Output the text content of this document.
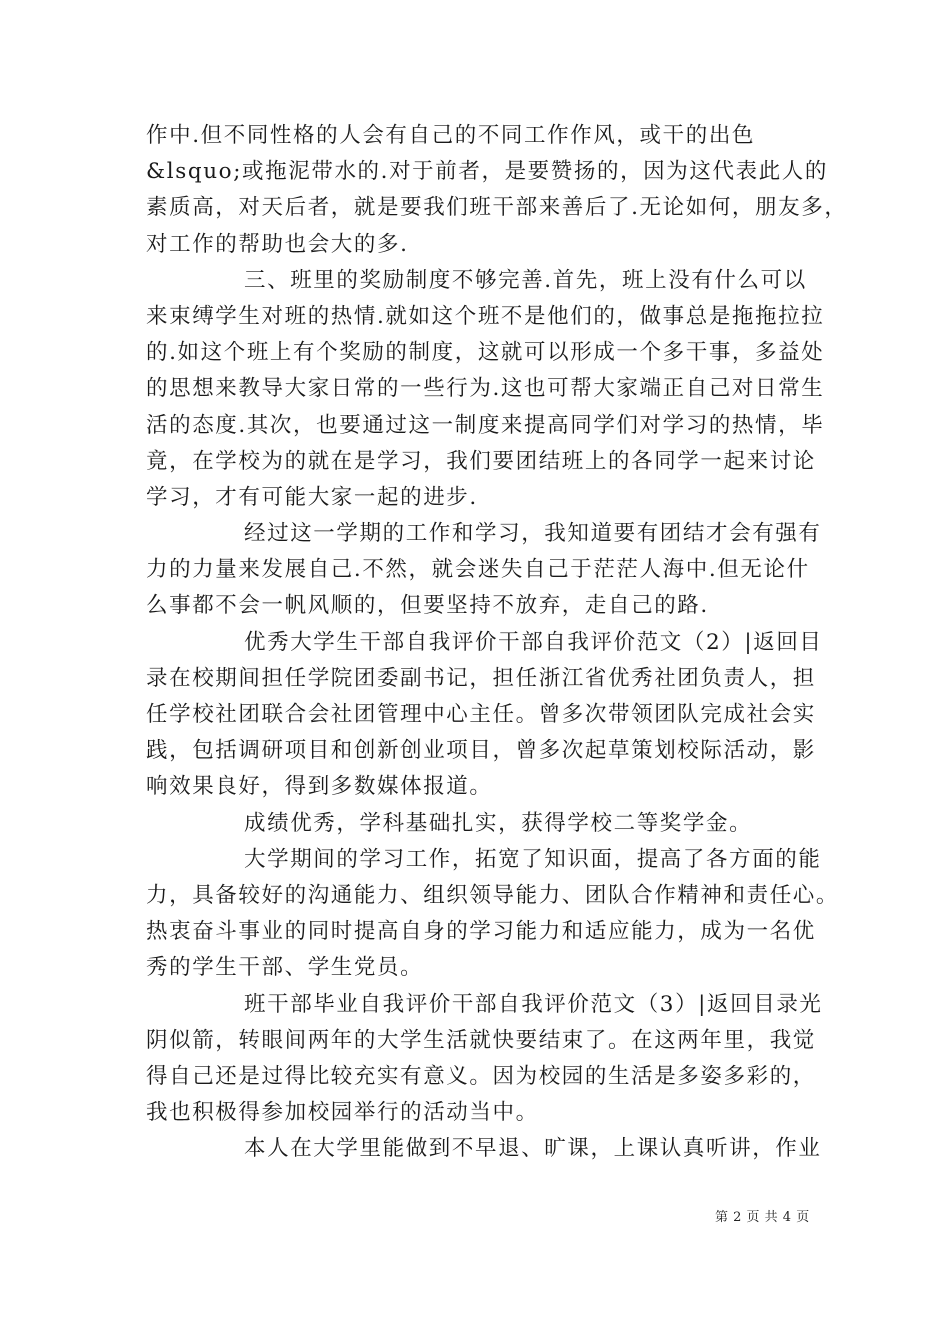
作中.但不同性格的人会有自己的不同工作作风，或干的出色
&lsquo;或拖泥带水的.对于前者，是要赞扬的，因为这代表此人的
素质高，对天后者，就是要我们班干部来善后了.无论如何，朋友多，
对工作的帮助也会大的多.
三、班里的奖励制度不够完善.首先，班上没有什么可以
来束缚学生对班的热情.就如这个班不是他们的，做事总是拖拖拉拉
的.如这个班上有个奖励的制度，这就可以形成一个多干事，多益处
的思想来教导大家日常的一些行为.这也可帮大家端正自己对日常生
活的态度.其次，也要通过这一制度来提高同学们对学习的热情，毕
竟，在学校为的就在是学习，我们要团结班上的各同学一起来讨论
学习，才有可能大家一起的进步.
经过这一学期的工作和学习，我知道要有团结才会有强有
力的力量来发展自己.不然，就会迷失自己于茫茫人海中.但无论什
么事都不会一帆风顺的，但要坚持不放弃，走自己的路.
优秀大学生干部自我评价干部自我评价范文（2）|返回目
录在校期间担任学院团委副书记，担任浙江省优秀社团负责人，担
任学校社团联合会社团管理中心主任。曾多次带领团队完成社会实
践，包括调研项目和创新创业项目，曾多次起草策划校际活动，影
响效果良好，得到多数媒体报道。
成绩优秀，学科基础扎实，获得学校二等奖学金。
大学期间的学习工作，拓宽了知识面，提高了各方面的能
力，具备较好的沟通能力、组织领导能力、团队合作精神和责任心。
热衷奋斗事业的同时提高自身的学习能力和适应能力，成为一名优
秀的学生干部、学生党员。
班干部毕业自我评价干部自我评价范文（3）|返回目录光
阴似箭，转眼间两年的大学生活就快要结束了。在这两年里，我觉
得自己还是过得比较充实有意义。因为校园的生活是多姿多彩的，
我也积极得参加校园举行的活动当中。
本人在大学里能做到不早退、旷课，上课认真听讲，作业
第 2 页 共 4 页
